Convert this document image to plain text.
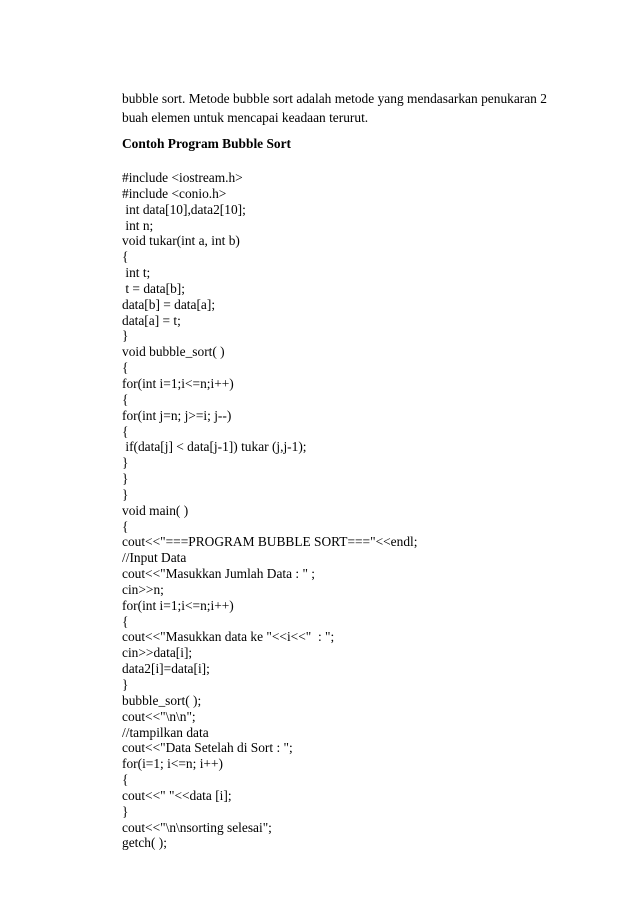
bubble sort. Metode bubble sort adalah metode yang mendasarkan penukaran 2
buah elemen untuk mencapai keadaan terurut.
Contoh Program Bubble Sort
#include <iostream.h>
#include <conio.h>
int data[10],data2[10];
int n;
void tukar(int a, int b)
{
int t;
t = data[b];
data[b] = data[a];
data[a] = t;
}
void bubble_sort( )
{
for(int i=1;i<=n;i++)
{
for(int j=n; j>=i; j--)
{
if(data[j] < data[j-1]) tukar (j,j-1);
}
}
}
void main( )
{
cout<<"===PROGRAM BUBBLE SORT==="<<endl;
//Input Data
cout<<"Masukkan Jumlah Data : " ;
cin>>n;
for(int i=1;i<=n;i++)
{
cout<<"Masukkan data ke "<<i<<"  : ";
cin>>data[i];
data2[i]=data[i];
}
bubble_sort( );
cout<<"\n\n";
//tampilkan data
cout<<"Data Setelah di Sort : ";
for(i=1; i<=n; i++)
{
cout<<" "<<data [i];
}
cout<<"\n\nsorting selesai";
getch( );
